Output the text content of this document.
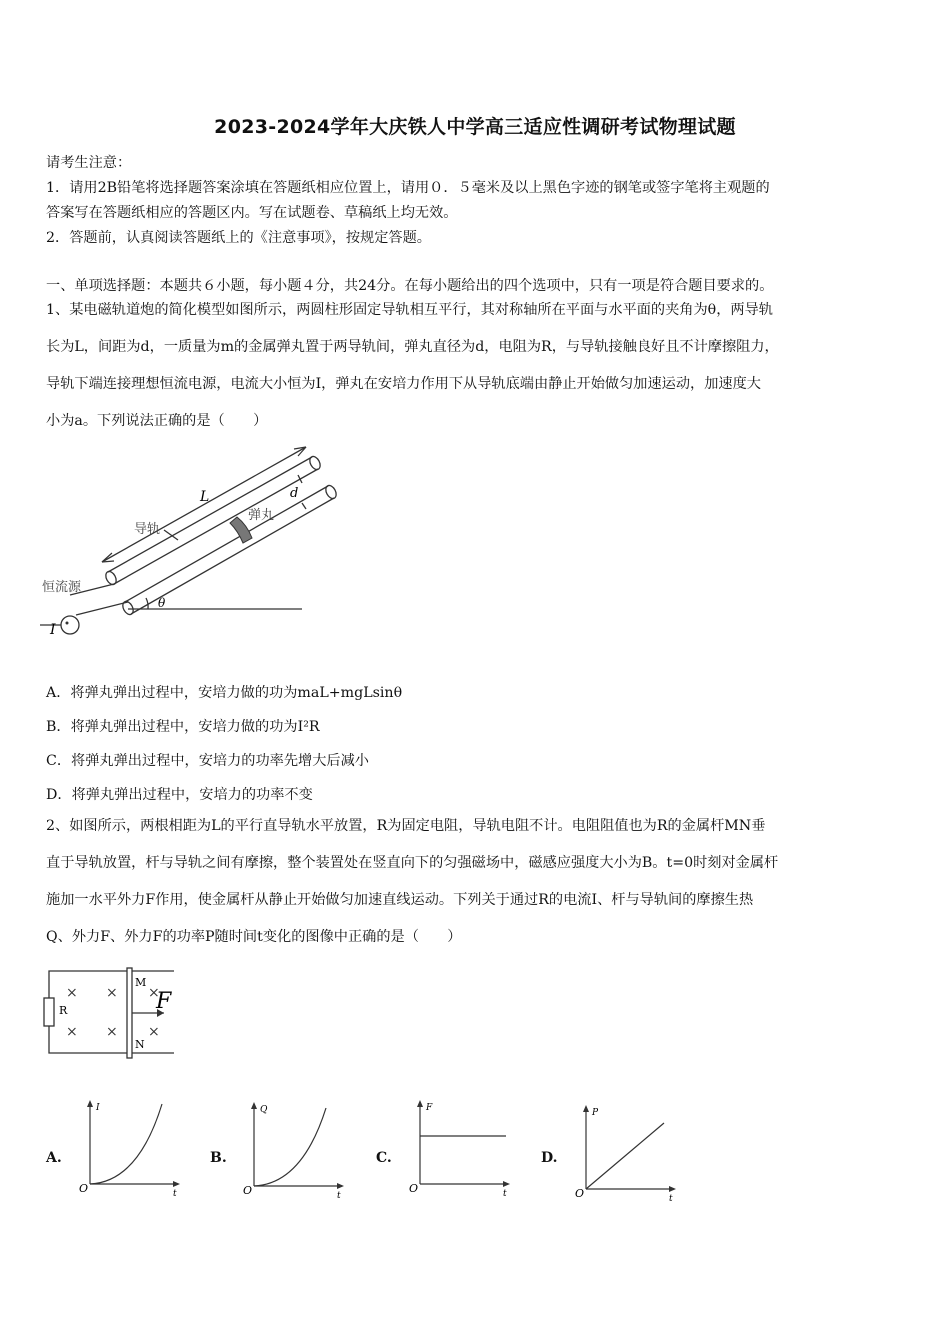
2023-2024学年大庆铁人中学高三适应性调研考试物理试题
请考生注意：
1．请用2B铅笔将选择题答案涂填在答题纸相应位置上，请用０．５毫米及以上黑色字迹的钢笔或签字笔将主观题的
答案写在答题纸相应的答题区内。写在试题卷、草稿纸上均无效。
2．答题前，认真阅读答题纸上的《注意事项》，按规定答题。
一、单项选择题：本题共６小题，每小题４分，共24分。在每小题给出的四个选项中，只有一项是符合题目要求的。
1、某电磁轨道炮的简化模型如图所示，两圆柱形固定导轨相互平行，其对称轴所在平面与水平面的夹角为θ，两导轨
长为L，间距为d，一质量为m的金属弹丸置于两导轨间，弹丸直径为d，电阻为R，与导轨接触良好且不计摩擦阻力，
导轨下端连接理想恒流电源，电流大小恒为I，弹丸在安培力作用下从导轨底端由静止开始做匀加速运动，加速度大
小为a。下列说法正确的是（　　）
L	d
导轨
弹丸
恒流源
I
θ
A．将弹丸弹出过程中，安培力做的功为maL+mgLsinθ
B．将弹丸弹出过程中，安培力做的功为I²R
C．将弹丸弹出过程中，安培力的功率先增大后减小
D．将弹丸弹出过程中，安培力的功率不变
2、如图所示，两根相距为L的平行直导轨水平放置，R为固定电阻，导轨电阻不计。电阻阻值也为R的金属杆MN垂
直于导轨放置，杆与导轨之间有摩擦，整个装置处在竖直向下的匀强磁场中，磁感应强度大小为B。t=0时刻对金属杆
施加一水平外力F作用，使金属杆从静止开始做匀加速直线运动。下列关于通过R的电流I、杆与导轨间的摩擦生热
Q、外力F、外力F的功率P随时间t变化的图像中正确的是（　　）
R
M
N
F
× × ×
× × ×
A.
I
t
O
B.
Q
t
O
C.
F
t
O
D.
P
t
O
